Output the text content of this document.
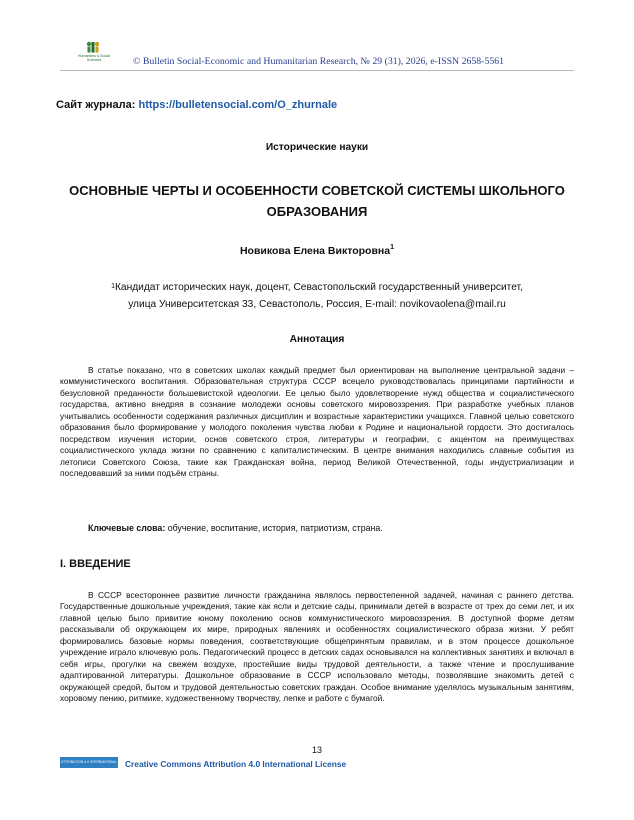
Humanities & Social Sciences	© Bulletin Social-Economic and Humanitarian Research, № 29 (31), 2026, e-ISSN 2658-5561
Сайт журнала: https://bulletensocial.com/O_zhurnale
Исторические науки
ОСНОВНЫЕ ЧЕРТЫ И ОСОБЕННОСТИ СОВЕТСКОЙ СИСТЕМЫ ШКОЛЬНОГО ОБРАЗОВАНИЯ
Новикова Елена Викторовна$^1$
$^1$Кандидат исторических наук, доцент, Севастопольский государственный университет,
улица Университетская 33, Севастополь, Россия, E-mail: novikovaolena@mail.ru
Аннотация
В статье показано, что в советских школах каждый предмет был ориентирован на выполнение центральной задачи – коммунистического воспитания. Образовательная структура СССР всецело руководствовалась принципами партийности и безусловной преданности большевистской идеологии. Ее целью было удовлетворение нужд общества и социалистического государства, активно внедряя в сознание молодежи основы советского мировоззрения. При разработке учебных планов учитывались особенности содержания различных дисциплин и возрастные характеристики учащихся. Главной целью советского образования было формирование у молодого поколения чувства любви к Родине и национальной гордости. Это достигалось посредством изучения истории, основ советского строя, литературы и географии, с акцентом на преимуществах социалистического уклада жизни по сравнению с капиталистическим. В центре внимания находились славные события из летописи Советского Союза, такие как Гражданская война, период Великой Отечественной, годы индустриализации и последовавший за ними подъём страны.
Ключевые слова: обучение, воспитание, история, патриотизм, страна.
I. ВВЕДЕНИЕ
В СССР всестороннее развитие личности гражданина являлось первостепенной задачей, начиная с раннего детства. Государственные дошкольные учреждения, такие как ясли и детские сады, принимали детей в возрасте от трех до семи лет, и их главной целью было привитие юному поколению основ коммунистического мировоззрения. В доступной форме детям рассказывали об окружающем их мире, природных явлениях и особенностях социалистического образа жизни. У ребят формировались базовые нормы поведения, соответствующие общепринятым правилам, и в этом процессе дошкольное учреждение играло ключевую роль. Педагогический процесс в детских садах основывался на коллективных занятиях и включал в себя игры, прогулки на свежем воздухе, простейшие виды трудовой деятельности, а также чтение и прослушивание адаптированной литературы. Дошкольное образование в СССР использовало методы, позволявшие знакомить детей с окружающей средой, бытом и трудовой деятельностью советских граждан. Особое внимание уделялось музыкальным занятиям, хоровому пению, ритмике, художественному творчеству, лепке и работе с бумагой.
13
ATTRIBUTION 4.0 INTERNATIONAL Creative Commons Attribution 4.0 International License
